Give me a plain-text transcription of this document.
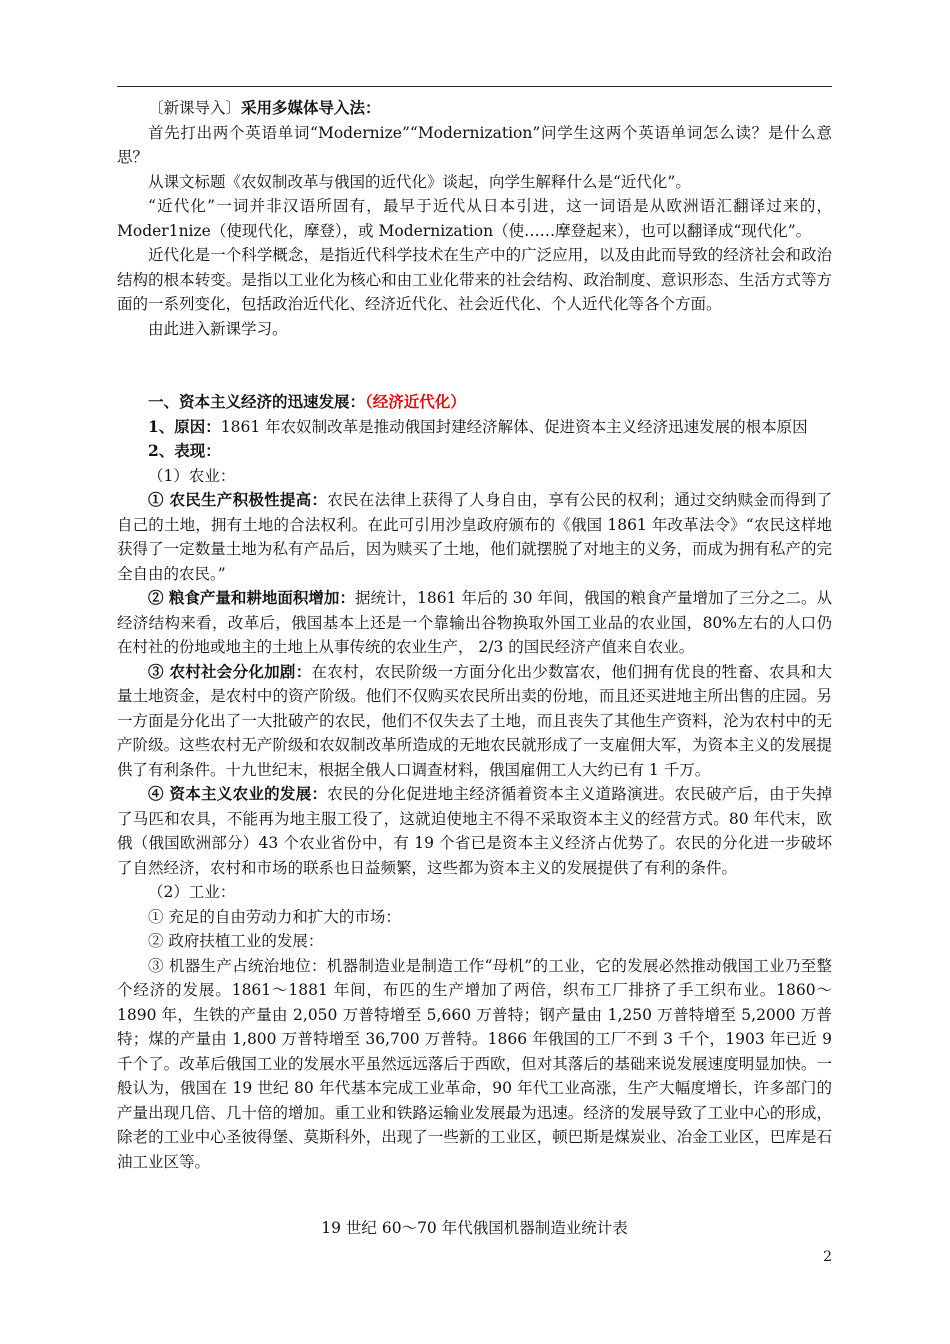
〔新课导入〕采用多媒体导入法：

首先打出两个英语单词“Modernize”“Modernization”问学生这两个英语单词怎么读？是什么意思？

从课文标题《农奴制改革与俄国的近代化》谈起，向学生解释什么是“近代化”。

“近代化”一词并非汉语所固有，最早于近代从日本引进，这一词语是从欧洲语汇翻译过来的，Moder1nize（使现代化，摩登），或 Modernization（使……摩登起来），也可以翻译成“现代化”。

近代化是一个科学概念，是指近代科学技术在生产中的广泛应用，以及由此而导致的经济社会和政治结构的根本转变。是指以工业化为核心和由工业化带来的社会结构、政治制度、意识形态、生活方式等方面的一系列变化，包括政治近代化、经济近代化、社会近代化、个人近代化等各个方面。

由此进入新课学习。

一、资本主义经济的迅速发展：（经济近代化）

1、原因：1861 年农奴制改革是推动俄国封建经济解体、促进资本主义经济迅速发展的根本原因

2、表现：

（1）农业：

① 农民生产积极性提高：农民在法律上获得了人身自由，享有公民的权利；通过交纳赎金而得到了自己的土地，拥有土地的合法权利。在此可引用沙皇政府颁布的《俄国 1861 年改革法令》“农民这样地获得了一定数量土地为私有产品后，因为赎买了土地，他们就摆脱了对地主的义务，而成为拥有私产的完全自由的农民。”

② 粮食产量和耕地面积增加：据统计，1861 年后的 30 年间，俄国的粮食产量增加了三分之二。从经济结构来看，改革后，俄国基本上还是一个靠输出谷物换取外国工业品的农业国，80%左右的人口仍在村社的份地或地主的土地上从事传统的农业生产， 2/3 的国民经济产值来自农业。

③ 农村社会分化加剧：在农村，农民阶级一方面分化出少数富农，他们拥有优良的牲畜、农具和大量土地资金，是农村中的资产阶级。他们不仅购买农民所出卖的份地，而且还买进地主所出售的庄园。另一方面是分化出了一大批破产的农民，他们不仅失去了土地，而且丧失了其他生产资料，沦为农村中的无产阶级。这些农村无产阶级和农奴制改革所造成的无地农民就形成了一支雇佣大军，为资本主义的发展提供了有利条件。十九世纪末，根据全俄人口调查材料，俄国雇佣工人大约已有 1 千万。

④ 资本主义农业的发展：农民的分化促进地主经济循着资本主义道路演进。农民破产后，由于失掉了马匹和农具，不能再为地主服工役了，这就迫使地主不得不采取资本主义的经营方式。80 年代末，欧俄（俄国欧洲部分）43 个农业省份中，有 19 个省已是资本主义经济占优势了。农民的分化进一步破坏了自然经济，农村和市场的联系也日益频繁，这些都为资本主义的发展提供了有利的条件。

（2）工业：

① 充足的自由劳动力和扩大的市场：

② 政府扶植工业的发展：

③ 机器生产占统治地位：机器制造业是制造工作“母机”的工业，它的发展必然推动俄国工业乃至整个经济的发展。1861～1881 年间，布匹的生产增加了两倍，织布工厂排挤了手工织布业。1860～1890 年，生铁的产量由 2,050 万普特增至 5,660 万普特；钢产量由 1,250 万普特增至 5,2000 万普特；煤的产量由 1,800 万普特增至 36,700 万普特。1866 年俄国的工厂不到 3 千个，1903 年已近 9 千个了。改革后俄国工业的发展水平虽然远远落后于西欧，但对其落后的基础来说发展速度明显加快。一般认为，俄国在 19 世纪 80 年代基本完成工业革命，90 年代工业高涨，生产大幅度增长，许多部门的产量出现几倍、几十倍的增加。重工业和铁路运输业发展最为迅速。经济的发展导致了工业中心的形成，除老的工业中心圣彼得堡、莫斯科外，出现了一些新的工业区，顿巴斯是煤炭业、冶金工业区，巴库是石油工业区等。

19 世纪 60～70 年代俄国机器制造业统计表
2
